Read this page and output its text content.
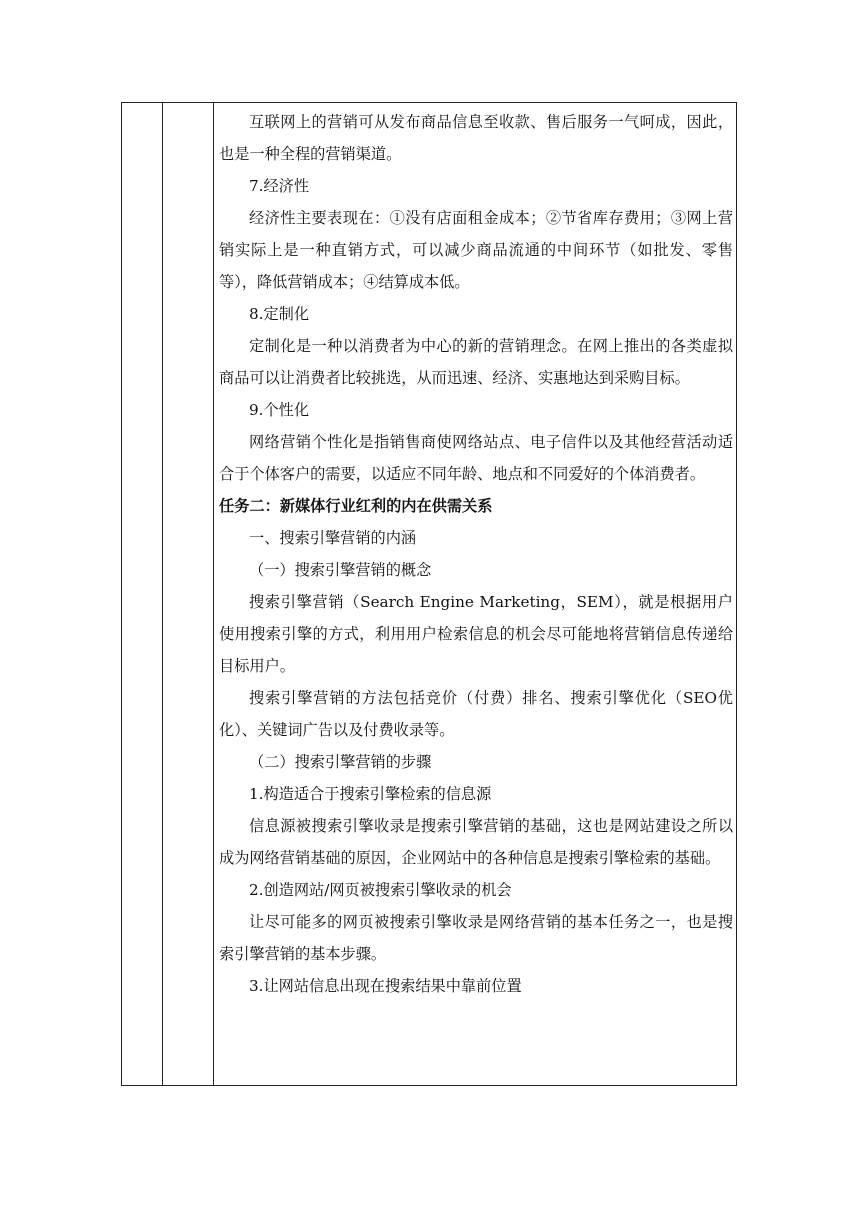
互联网上的营销可从发布商品信息至收款、售后服务一气呵成，因此，也是一种全程的营销渠道。

7.经济性

经济性主要表现在：①没有店面租金成本；②节省库存费用；③网上营销实际上是一种直销方式，可以减少商品流通的中间环节（如批发、零售等），降低营销成本；④结算成本低。

8.定制化

定制化是一种以消费者为中心的新的营销理念。在网上推出的各类虚拟商品可以让消费者比较挑选，从而迅速、经济、实惠地达到采购目标。

9.个性化

网络营销个性化是指销售商使网络站点、电子信件以及其他经营活动适合于个体客户的需要，以适应不同年龄、地点和不同爱好的个体消费者。

任务二：新媒体行业红利的内在供需关系

一、搜索引擎营销的内涵

（一）搜索引擎营销的概念

搜索引擎营销（Search Engine Marketing，SEM），就是根据用户使用搜索引擎的方式，利用用户检索信息的机会尽可能地将营销信息传递给目标用户。

搜索引擎营销的方法包括竞价（付费）排名、搜索引擎优化（SEO优化）、关键词广告以及付费收录等。

（二）搜索引擎营销的步骤

1.构造适合于搜索引擎检索的信息源

信息源被搜索引擎收录是搜索引擎营销的基础，这也是网站建设之所以成为网络营销基础的原因，企业网站中的各种信息是搜索引擎检索的基础。

2.创造网站/网页被搜索引擎收录的机会

让尽可能多的网页被搜索引擎收录是网络营销的基本任务之一，也是搜索引擎营销的基本步骤。

3.让网站信息出现在搜索结果中靠前位置
